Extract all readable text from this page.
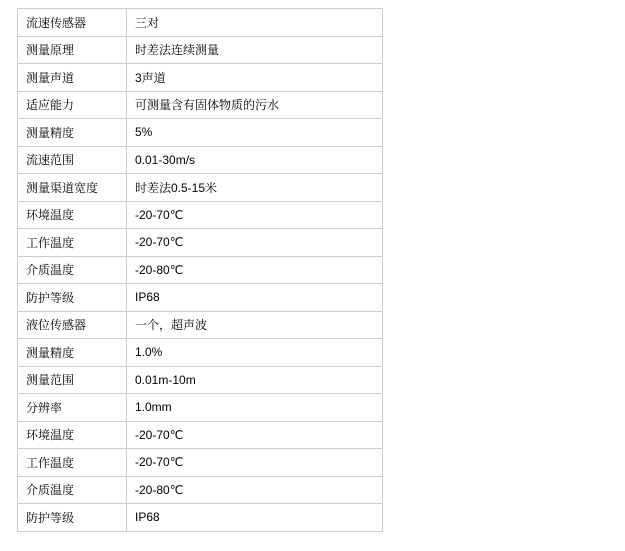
流速传感器	三对
测量原理	时差法连续测量
测量声道	3声道
适应能力	可测量含有固体物质的污水
测量精度	5%
流速范围	0.01-30m/s
测量渠道宽度	时差法0.5-15米
环境温度	-20-70℃
工作温度	-20-70℃
介质温度	-20-80℃
防护等级	IP68
液位传感器	一个，超声波
测量精度	1.0%
测量范围	0.01m-10m
分辨率	1.0mm
环境温度	-20-70℃
工作温度	-20-70℃
介质温度	-20-80℃
防护等级	IP68
